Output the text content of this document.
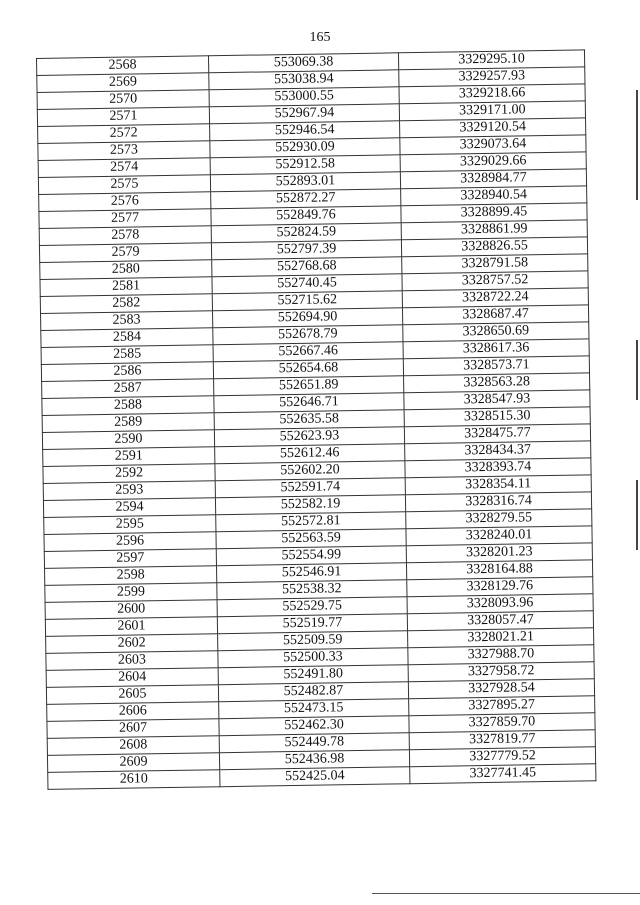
165
2568	553069.38	3329295.10
2569	553038.94	3329257.93
2570	553000.55	3329218.66
2571	552967.94	3329171.00
2572	552946.54	3329120.54
2573	552930.09	3329073.64
2574	552912.58	3329029.66
2575	552893.01	3328984.77
2576	552872.27	3328940.54
2577	552849.76	3328899.45
2578	552824.59	3328861.99
2579	552797.39	3328826.55
2580	552768.68	3328791.58
2581	552740.45	3328757.52
2582	552715.62	3328722.24
2583	552694.90	3328687.47
2584	552678.79	3328650.69
2585	552667.46	3328617.36
2586	552654.68	3328573.71
2587	552651.89	3328563.28
2588	552646.71	3328547.93
2589	552635.58	3328515.30
2590	552623.93	3328475.77
2591	552612.46	3328434.37
2592	552602.20	3328393.74
2593	552591.74	3328354.11
2594	552582.19	3328316.74
2595	552572.81	3328279.55
2596	552563.59	3328240.01
2597	552554.99	3328201.23
2598	552546.91	3328164.88
2599	552538.32	3328129.76
2600	552529.75	3328093.96
2601	552519.77	3328057.47
2602	552509.59	3328021.21
2603	552500.33	3327988.70
2604	552491.80	3327958.72
2605	552482.87	3327928.54
2606	552473.15	3327895.27
2607	552462.30	3327859.70
2608	552449.78	3327819.77
2609	552436.98	3327779.52
2610	552425.04	3327741.45
